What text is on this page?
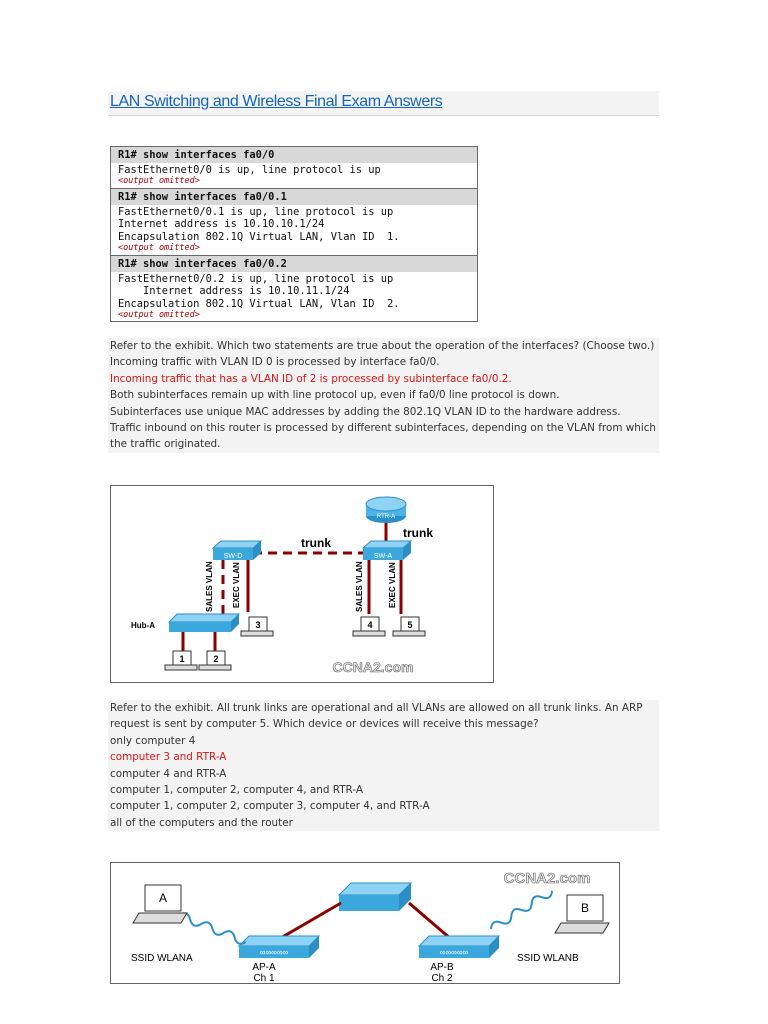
LAN Switching and Wireless Final Exam Answers
R1# show interfaces fa0/0
FastEthernet0/0 is up, line protocol is up
<output omitted>
R1# show interfaces fa0/0.1
FastEthernet0/0.1 is up, line protocol is up
Internet address is 10.10.10.1/24
Encapsulation 802.1Q Virtual LAN, Vlan ID  1.
<output omitted>
R1# show interfaces fa0/0.2
FastEthernet0/0.2 is up, line protocol is up
Internet address is 10.10.11.1/24
Encapsulation 802.1Q Virtual LAN, Vlan ID  2.
<output omitted>
Refer to the exhibit. Which two statements are true about the operation of the interfaces? (Choose two.)
Incoming traffic with VLAN ID 0 is processed by interface fa0/0.
Incoming traffic that has a VLAN ID of 2 is processed by subinterface fa0/0.2.
Both subinterfaces remain up with line protocol up, even if fa0/0 line protocol is down.
Subinterfaces use unique MAC addresses by adding the 802.1Q VLAN ID to the hardware address.
Traffic inbound on this router is processed by different subinterfaces, depending on the VLAN from which
the traffic originated.
trunk
trunk
RTR-A
SW-D	SW-A
SALES VLAN EXEC VLAN	SALES VLAN	EXEC VLAN
Hub-A
1	2
3	4	5
CCNA2.com
Refer to the exhibit. All trunk links are operational and all VLANs are allowed on all trunk links. An ARP
request is sent by computer 5. Which device or devices will receive this message?
only computer 4
computer 3 and RTR-A
computer 4 and RTR-A
computer 1, computer 2, computer 4, and RTR-A
computer 1, computer 2, computer 3, computer 4, and RTR-A
all of the computers and the router
∞∞∞∞∞
AP-A
Ch 1
∞∞∞∞∞
AP-B
Ch 2
A
B
SSID WLANA	SSID WLANB
CCNA2.com
